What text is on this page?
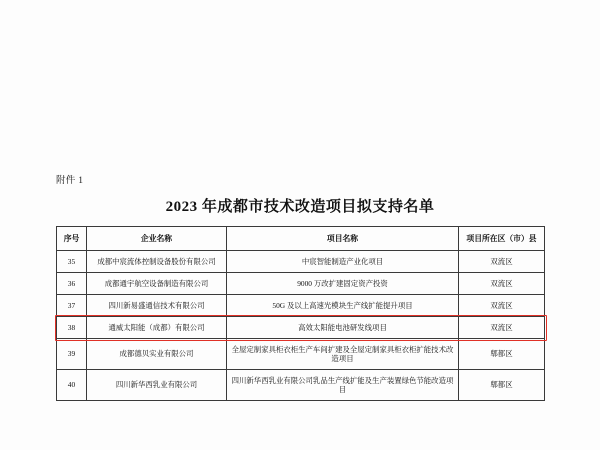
附件 1
2023 年成都市技术改造项目拟支持名单
序号	企业名称	项目名称	项目所在区（市）县
35	成都中宸流体控制设备股份有限公司	中宸智能制造产业化项目	双流区
36	成都通宇航空设备制造有限公司	9000 万改扩建固定资产投资	双流区
37	四川新易盛通信技术有限公司	50G 及以上高速光模块生产线扩能提升项目	双流区
38	通威太阳能（成都）有限公司	高效太阳能电池研发线项目	双流区
39	成都德贝实业有限公司	全屋定制家具柜衣柜生产车间扩建及全屋定制家具柜衣柜扩能技术改造项目	郫都区
40	四川新华西乳业有限公司	四川新华西乳业有限公司乳品生产线扩能及生产装置绿色节能改造项目	郫都区
